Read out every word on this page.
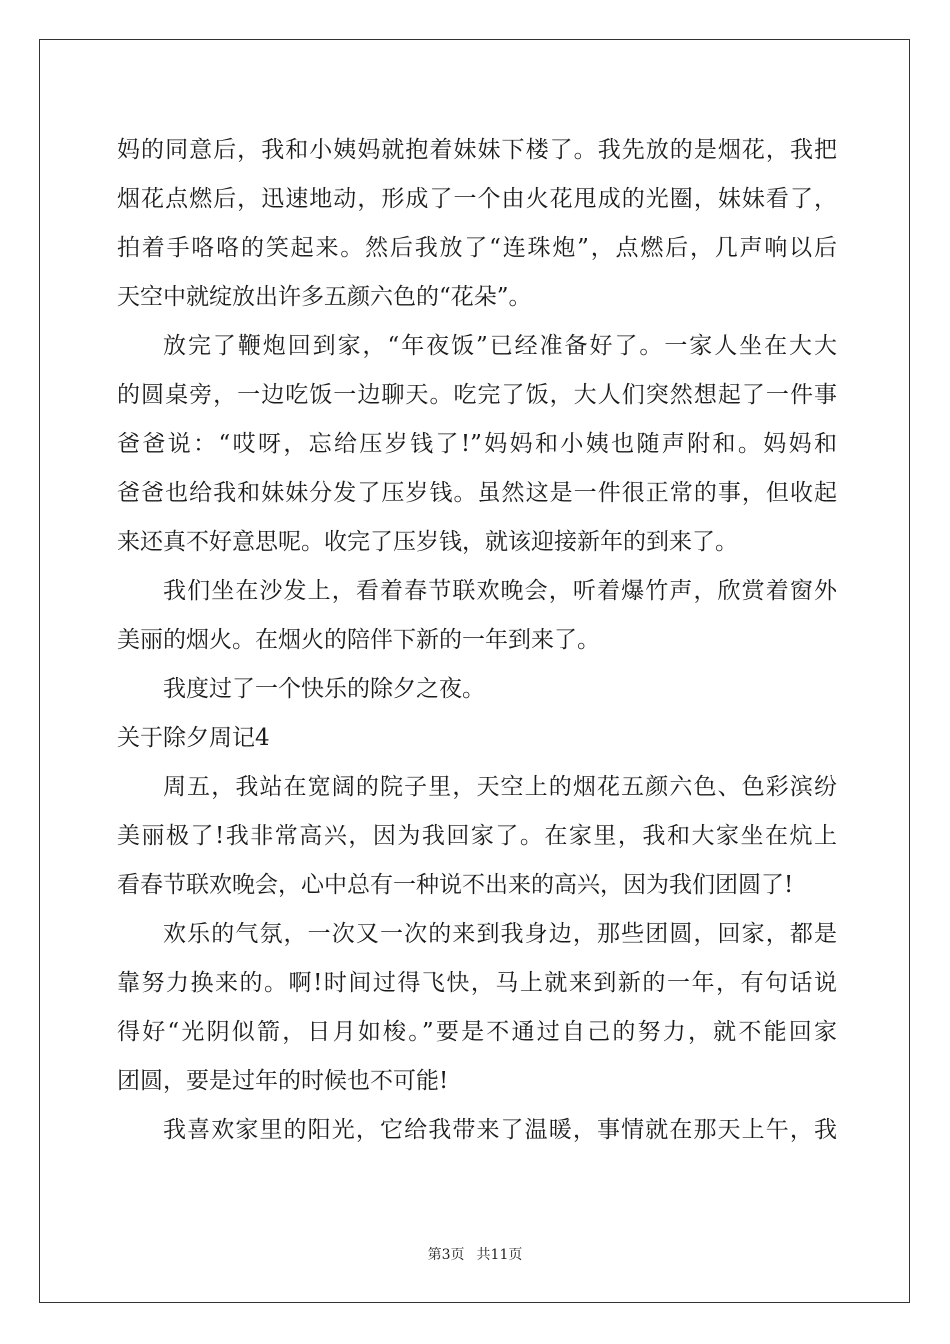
妈的同意后，我和小姨妈就抱着妹妹下楼了。我先放的是烟花，我把
烟花点燃后，迅速地动，形成了一个由火花甩成的光圈，妹妹看了，
拍着手咯咯的笑起来。然后我放了“连珠炮”，点燃后，几声响以后
天空中就绽放出许多五颜六色的“花朵”。
放完了鞭炮回到家，“年夜饭”已经准备好了。一家人坐在大大
的圆桌旁，一边吃饭一边聊天。吃完了饭，大人们突然想起了一件事
爸爸说：“哎呀，忘给压岁钱了!”妈妈和小姨也随声附和。妈妈和
爸爸也给我和妹妹分发了压岁钱。虽然这是一件很正常的事，但收起
来还真不好意思呢。收完了压岁钱，就该迎接新年的到来了。
我们坐在沙发上，看着春节联欢晚会，听着爆竹声，欣赏着窗外
美丽的烟火。在烟火的陪伴下新的一年到来了。
我度过了一个快乐的除夕之夜。
关于除夕周记4
周五，我站在宽阔的院子里，天空上的烟花五颜六色、色彩滨纷
美丽极了!我非常高兴，因为我回家了。在家里，我和大家坐在炕上
看春节联欢晚会，心中总有一种说不出来的高兴，因为我们团圆了!
欢乐的气氛，一次又一次的来到我身边，那些团圆，回家，都是
靠努力换来的。啊!时间过得飞快，马上就来到新的一年，有句话说
得好“光阴似箭，日月如梭。”要是不通过自己的努力，就不能回家
团圆，要是过年的时候也不可能!
我喜欢家里的阳光，它给我带来了温暖，事情就在那天上午，我
第3页 共11页
